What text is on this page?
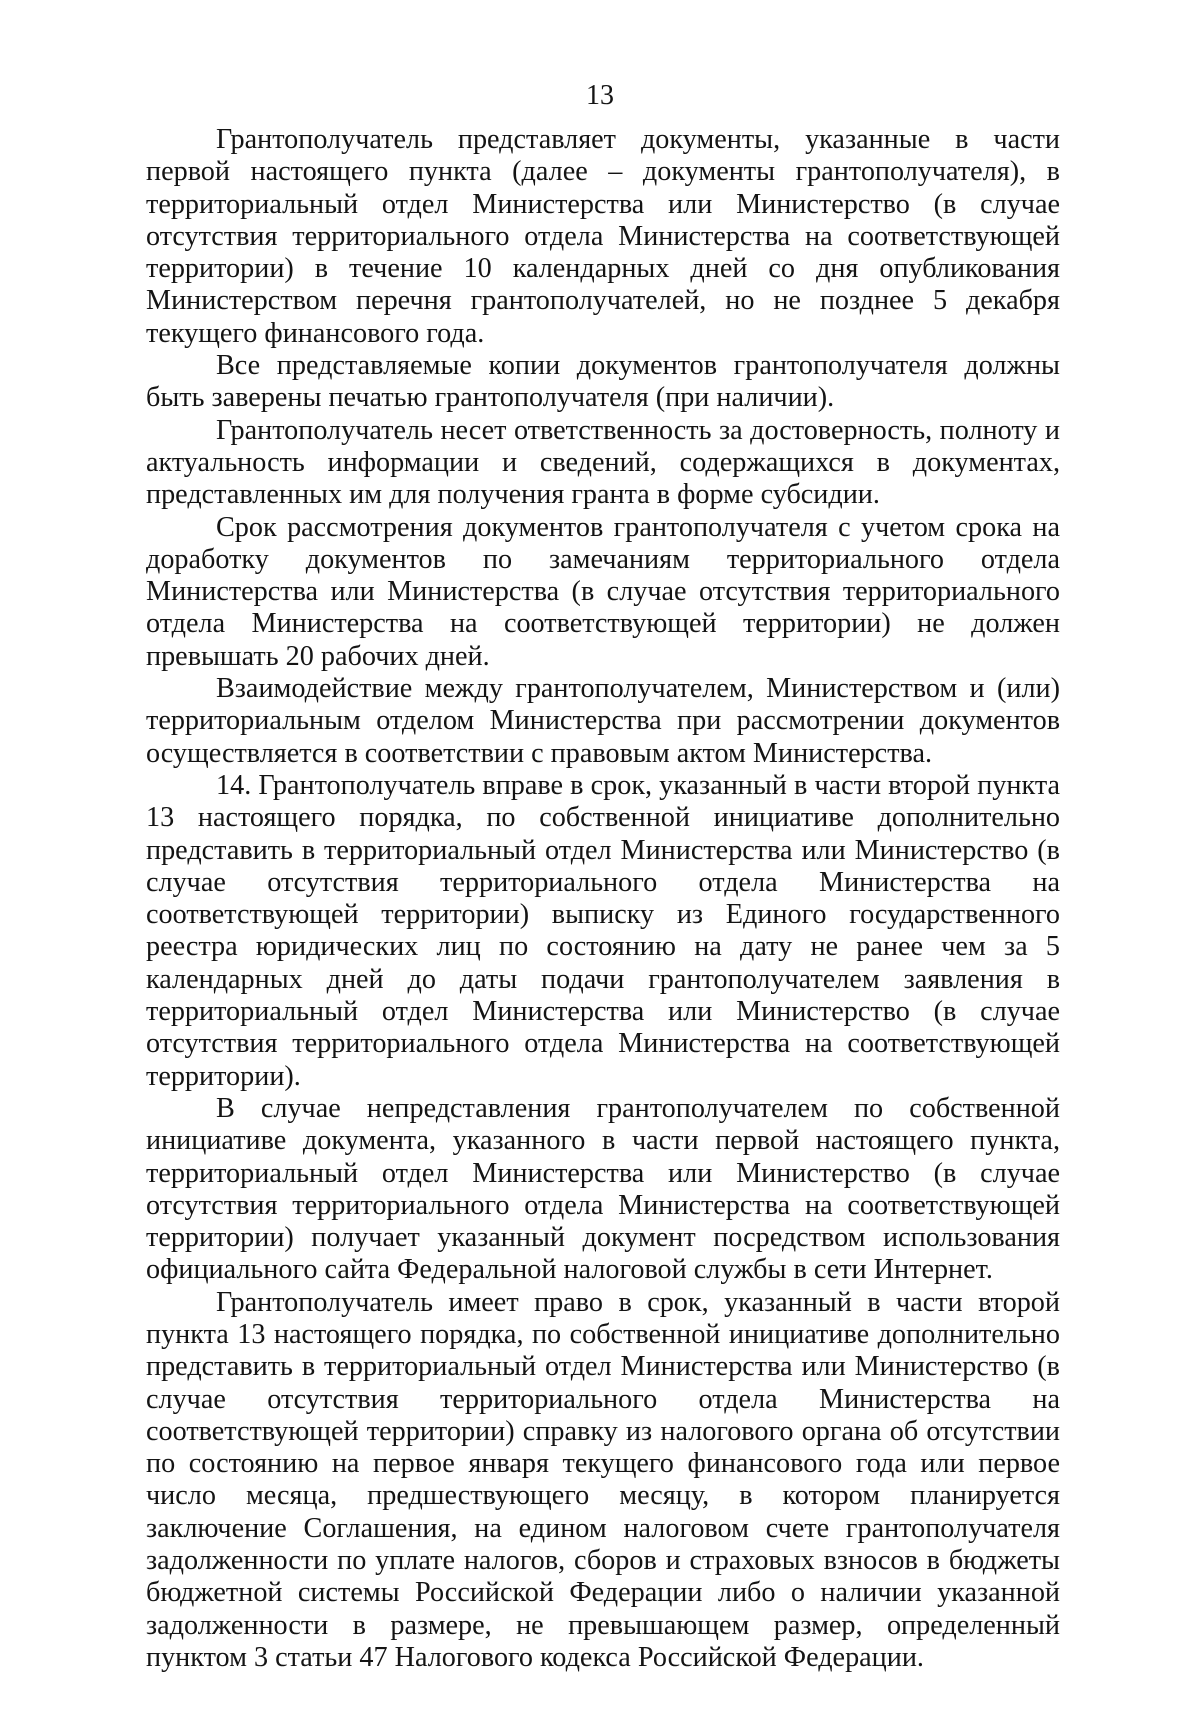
13

Грантополучатель представляет документы, указанные в части первой настоящего пункта (далее – документы грантополучателя), в территориальный отдел Министерства или Министерство (в случае отсутствия территориального отдела Министерства на соответствующей территории) в течение 10 календарных дней со дня опубликования Министерством перечня грантополучателей, но не позднее 5 декабря текущего финансового года.

Все представляемые копии документов грантополучателя должны быть заверены печатью грантополучателя (при наличии).

Грантополучатель несет ответственность за достоверность, полноту и актуальность информации и сведений, содержащихся в документах, представленных им для получения гранта в форме субсидии.

Срок рассмотрения документов грантополучателя с учетом срока на доработку документов по замечаниям территориального отдела Министерства или Министерства (в случае отсутствия территориального отдела Министерства на соответствующей территории) не должен превышать 20 рабочих дней.

Взаимодействие между грантополучателем, Министерством и (или) территориальным отделом Министерства при рассмотрении документов осуществляется в соответствии с правовым актом Министерства.

14. Грантополучатель вправе в срок, указанный в части второй пункта 13 настоящего порядка, по собственной инициативе дополнительно представить в территориальный отдел Министерства или Министерство (в случае отсутствия территориального отдела Министерства на соответствующей территории) выписку из Единого государственного реестра юридических лиц по состоянию на дату не ранее чем за 5 календарных дней до даты подачи грантополучателем заявления в территориальный отдел Министерства или Министерство (в случае отсутствия территориального отдела Министерства на соответствующей территории).

В случае непредставления грантополучателем по собственной инициативе документа, указанного в части первой настоящего пункта, территориальный отдел Министерства или Министерство (в случае отсутствия территориального отдела Министерства на соответствующей территории) получает указанный документ посредством использования официального сайта Федеральной налоговой службы в сети Интернет.

Грантополучатель имеет право в срок, указанный в части второй пункта 13 настоящего порядка, по собственной инициативе дополнительно представить в территориальный отдел Министерства или Министерство (в случае отсутствия территориального отдела Министерства на соответствующей территории) справку из налогового органа об отсутствии по состоянию на первое января текущего финансового года или первое число месяца, предшествующего месяцу, в котором планируется заключение Соглашения, на едином налоговом счете грантополучателя задолженности по уплате налогов, сборов и страховых взносов в бюджеты бюджетной системы Российской Федерации либо о наличии указанной задолженности в размере, не превышающем размер, определенный пунктом 3 статьи 47 Налогового кодекса Российской Федерации.
